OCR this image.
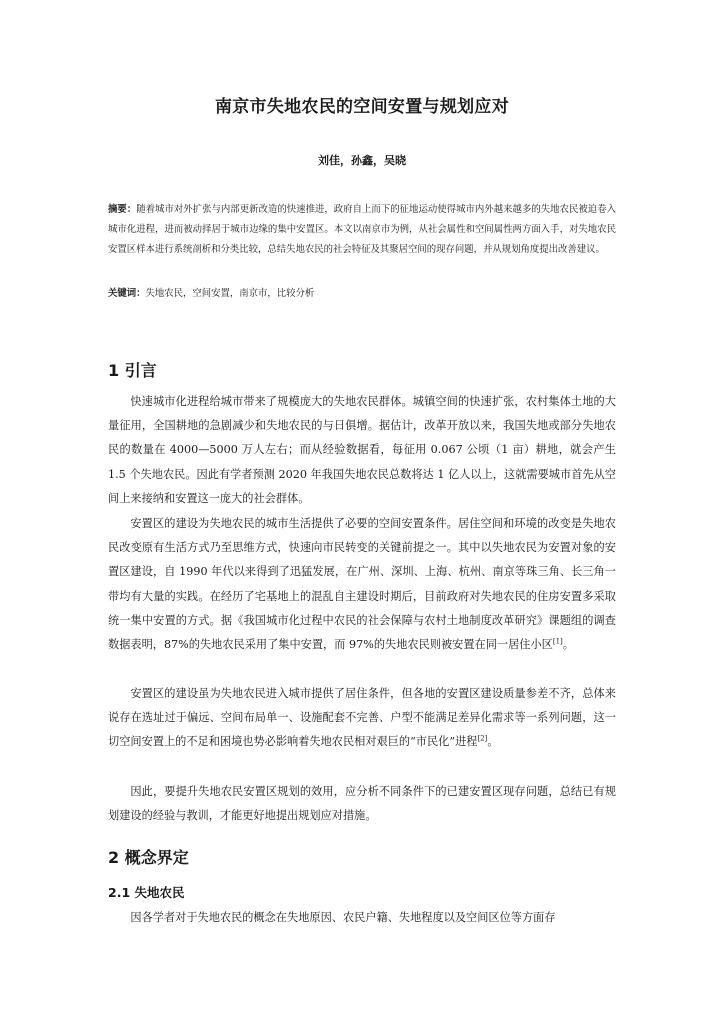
南京市失地农民的空间安置与规划应对

刘佳，孙鑫，吴晓

摘要：随着城市对外扩张与内部更新改造的快速推进，政府自上而下的征地运动使得城市内外越来越多的失地农民被迫卷入城市化进程，进而被动择居于城市边缘的集中安置区。本文以南京市为例，从社会属性和空间属性两方面入手，对失地农民安置区样本进行系统剖析和分类比较，总结失地农民的社会特征及其聚居空间的现存问题，并从规划角度提出改善建议。

关键词：失地农民，空间安置，南京市，比较分析

1 引言

快速城市化进程给城市带来了规模庞大的失地农民群体。城镇空间的快速扩张，农村集体土地的大量征用，全国耕地的急剧减少和失地农民的与日俱增。据估计，改革开放以来，我国失地或部分失地农民的数量在 4000—5000 万人左右；而从经验数据看，每征用 0.067 公顷（1 亩）耕地，就会产生 1.5 个失地农民。因此有学者预测 2020 年我国失地农民总数将达 1 亿人以上，这就需要城市首先从空间上来接纳和安置这一庞大的社会群体。

安置区的建设为失地农民的城市生活提供了必要的空间安置条件。居住空间和环境的改变是失地农民改变原有生活方式乃至思维方式，快速向市民转变的关键前提之一。其中以失地农民为安置对象的安置区建设，自 1990 年代以来得到了迅猛发展，在广州、深圳、上海、杭州、南京等珠三角、长三角一带均有大量的实践。在经历了宅基地上的混乱自主建设时期后，目前政府对失地农民的住房安置多采取统一集中安置的方式。据《我国城市化过程中农民的社会保障与农村土地制度改革研究》课题组的调查数据表明，87%的失地农民采用了集中安置，而 97%的失地农民则被安置在同一居住小区[1]。

安置区的建设虽为失地农民进入城市提供了居住条件，但各地的安置区建设质量参差不齐，总体来说存在选址过于偏远、空间布局单一、设施配套不完善、户型不能满足差异化需求等一系列问题，这一切空间安置上的不足和困境也势必影响着失地农民相对艰巨的“市民化”进程[2]。

因此，要提升失地农民安置区规划的效用，应分析不同条件下的已建安置区现存问题，总结已有规划建设的经验与教训，才能更好地提出规划应对措施。

2 概念界定
2.1 失地农民

因各学者对于失地农民的概念在失地原因、农民户籍、失地程度以及空间区位等方面存
